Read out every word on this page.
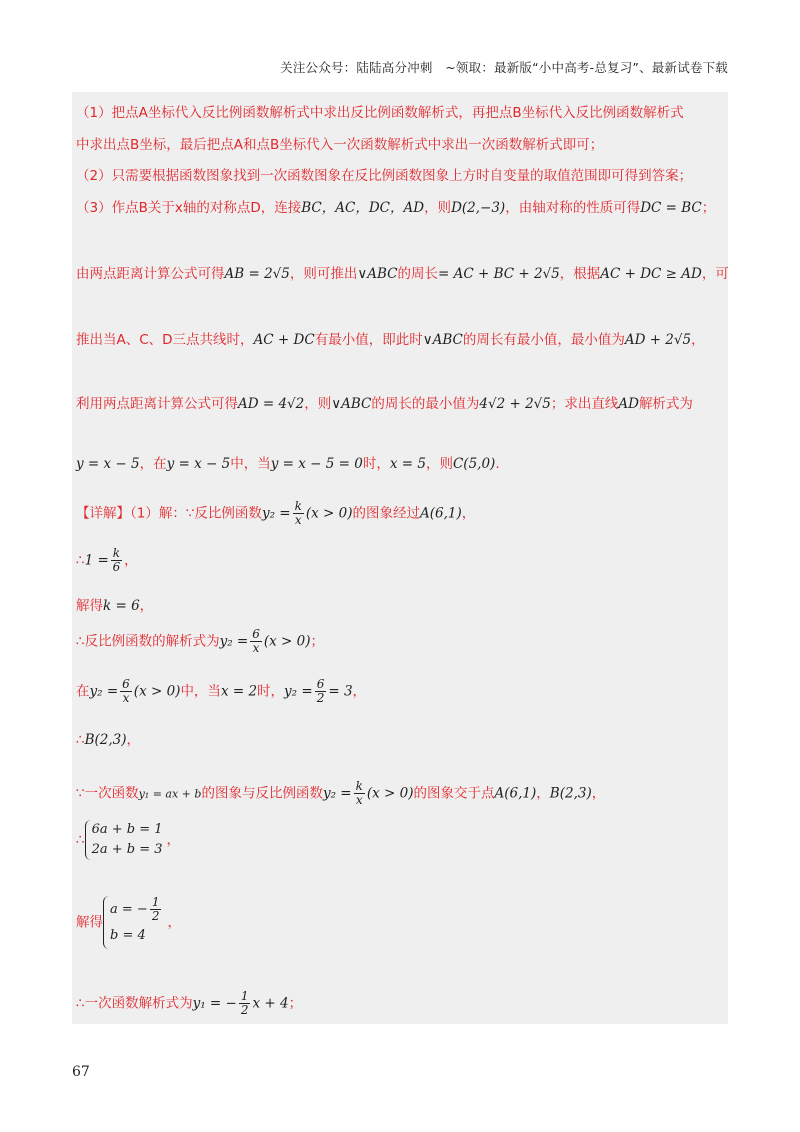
关注公众号：陆陆高分冲刺　~领取：最新版“小中高考-总复习”、最新试卷下载
（1）把点A坐标代入反比例函数解析式中求出反比例函数解析式，再把点B坐标代入反比例函数解析式
中求出点B坐标，最后把点A和点B坐标代入一次函数解析式中求出一次函数解析式即可；
（2）只需要根据函数图象找到一次函数图象在反比例函数图象上方时自变量的取值范围即可得到答案；
（3）作点B关于x轴的对称点D，连接BC，AC，DC，AD，则D(2,−3)，由轴对称的性质可得DC = BC；
由两点距离计算公式可得AB = 2√5，则可推出∨ABC的周长= AC + BC + 2√5，根据AC + DC ≥ AD，可
推出当A、C、D三点共线时，AC + DC有最小值，即此时∨ABC的周长有最小值，最小值为AD + 2√5，
利用两点距离计算公式可得AD = 4√2，则∨ABC的周长的最小值为4√2 + 2√5；求出直线AD解析式为
y = x − 5，在y = x − 5中，当y = x − 5 = 0时，x = 5，则C(5,0).
【详解】（1）解：∵反比例函数$y_2 = \frac{k}{x} (x > 0)$的图象经过A(6,1)，
∴1 = $\frac{k}{6}$ ，
解得k = 6，
∴反比例函数的解析式为$y_2 = \frac{6}{x} (x > 0)$；
在$y_2 = \frac{6}{x} (x > 0)$中，当x = 2时，$y_2 = \frac{6}{2} = 3$，
∴B(2,3)，
∵一次函数y₁ = ax + b的图象与反比例函数$y_2 = \frac{k}{x} (x > 0)$的图象交于点A(6,1)，B(2,3)，
∴
6a + b = 1
2a + b = 3
，
解得
a = − $\frac{1}{2}$
b = 4
，
∴一次函数解析式为y₁ = − $\frac{1}{2}$ x + 4；
67
